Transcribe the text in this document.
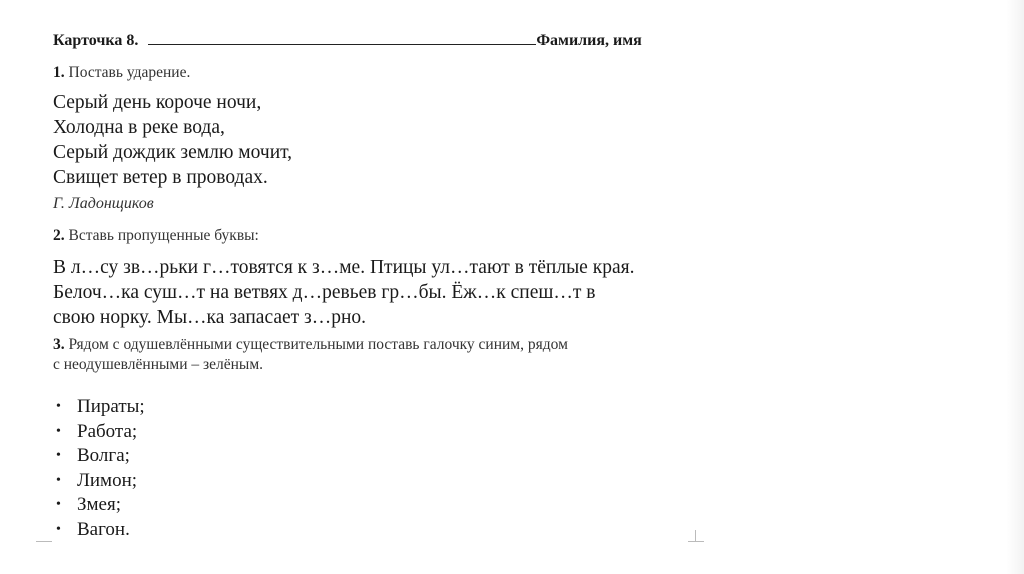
Карточка 8.	Фамилия, имя
1. Поставь ударение.
Серый день короче ночи,
Холодна в реке вода,
Серый дождик землю мочит,
Свищет ветер в проводах.
Г. Ладонщиков
2. Вставь пропущенные буквы:
В л…су зв…рьки г…товятся к з…ме. Птицы ул…тают в тёплые края.
Белоч…ка суш…т на ветвях д…ревьев гр…бы. Ёж…к спеш…т в
свою норку. Мы…ка запасает з…рно.
3. Рядом с одушевлёнными существительными поставь галочку синим, рядом
с неодушевлёнными – зелёным.
• Пираты;
• Работа;
• Волга;
• Лимон;
• Змея;
• Вагон.
